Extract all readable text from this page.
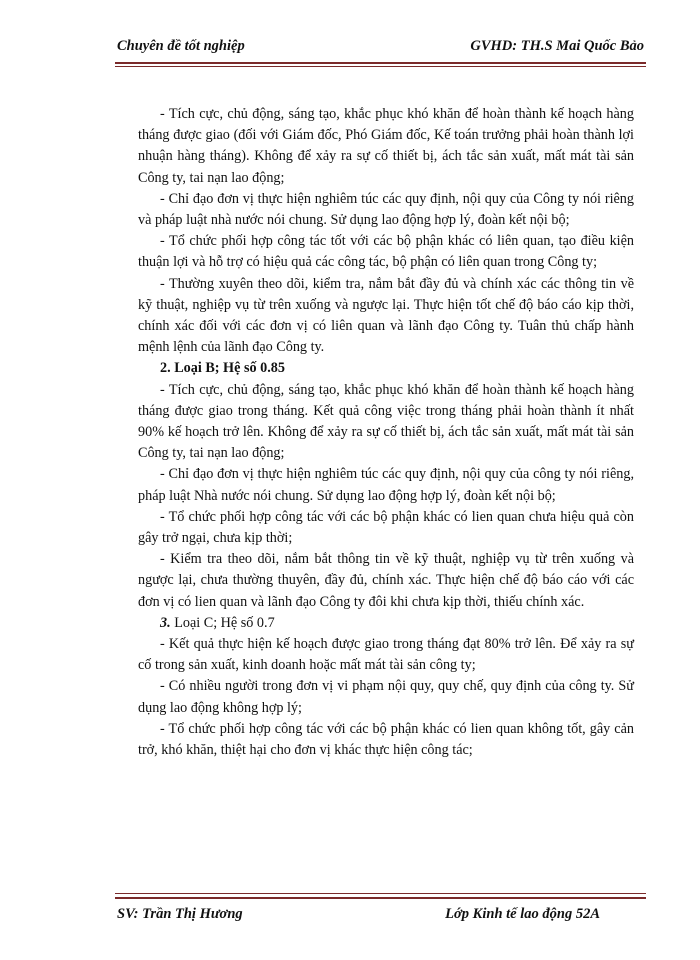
Chuyên đề tốt nghiệp	GVHD: TH.S Mai Quốc Bảo

- Tích cực, chủ động, sáng tạo, khắc phục khó khăn để hoàn thành kế hoạch hàng tháng được giao (đối với Giám đốc, Phó Giám đốc, Kế toán trưởng phải hoàn thành lợi nhuận hàng tháng). Không để xảy ra sự cố thiết bị, ách tắc sản xuất, mất mát tài sản Công ty, tai nạn lao động;

- Chỉ đạo đơn vị thực hiện nghiêm túc các quy định, nội quy của Công ty nói riêng và pháp luật nhà nước nói chung. Sử dụng lao động hợp lý, đoàn kết nội bộ;

- Tổ chức phối hợp công tác tốt với các bộ phận khác có liên quan, tạo điều kiện thuận lợi và hỗ trợ có hiệu quả các công tác, bộ phận có liên quan trong Công ty;

- Thường xuyên theo dõi, kiểm tra, nắm bắt đầy đủ và chính xác các thông tin về kỹ thuật, nghiệp vụ từ trên xuống và ngược lại. Thực hiện tốt chế độ báo cáo kịp thời, chính xác đối với các đơn vị có liên quan và lãnh đạo Công ty. Tuân thủ chấp hành mệnh lệnh của lãnh đạo Công ty.

2. Loại B; Hệ số 0.85

- Tích cực, chủ động, sáng tạo, khắc phục khó khăn để hoàn thành kế hoạch hàng tháng được giao trong tháng. Kết quả công việc trong tháng phải hoàn thành ít nhất 90% kế hoạch trở lên. Không để xảy ra sự cố thiết bị, ách tắc sản xuất, mất mát tài sản Công ty, tai nạn lao động;

- Chỉ đạo đơn vị thực hiện nghiêm túc các quy định, nội quy của công ty nói riêng, pháp luật Nhà nước nói chung. Sử dụng lao động hợp lý, đoàn kết nội bộ;

- Tổ chức phối hợp công tác với các bộ phận khác có lien quan chưa hiệu quả còn gây trở ngại, chưa kịp thời;

- Kiểm tra theo dõi, nắm bắt thông tin về kỹ thuật, nghiệp vụ từ trên xuống và ngược lại, chưa thường thuyên, đầy đủ, chính xác. Thực hiện chế độ báo cáo với các đơn vị có lien quan và lãnh đạo Công ty đôi khi chưa kịp thời, thiếu chính xác.

3. Loại C; Hệ số 0.7

- Kết quả thực hiện kế hoạch được giao trong tháng đạt 80% trở lên. Để xảy ra sự cố trong sản xuất, kinh doanh hoặc mất mát tài sản công ty;

- Có nhiều người trong đơn vị vi phạm nội quy, quy chế, quy định của công ty. Sử dụng lao động không hợp lý;

- Tổ chức phối hợp công tác với các bộ phận khác có lien quan không tốt, gây cản trở, khó khăn, thiệt hại cho đơn vị khác thực hiện công tác;

SV: Trần Thị Hương	Lớp Kinh tế lao động 52A
